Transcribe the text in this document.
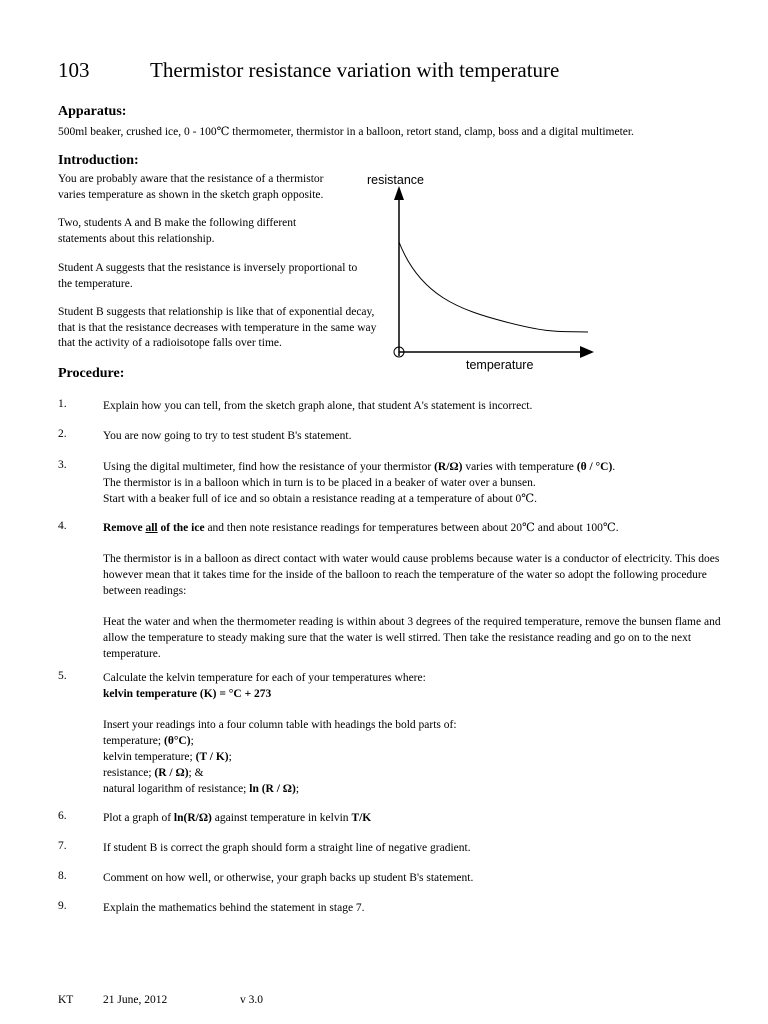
103	Thermistor resistance variation with temperature
Apparatus:
500ml beaker, crushed ice, 0 - 100℃ thermometer, thermistor in a balloon, retort stand, clamp, boss and a digital multimeter.
Introduction:

You are probably aware that the resistance of a thermistor
varies temperature as shown in the sketch graph opposite.

Two, students A and B make the following different
statements about this relationship.

Student A suggests that the resistance is inversely proportional to
the temperature.

Student B suggests that relationship is like that of exponential decay,
that is that the resistance decreases with temperature in the same way
that the activity of a radioisotope falls over time.

resistance
temperature
Procedure:
1.	Explain how you can tell, from the sketch graph alone, that student A's statement is incorrect.

2.	You are now going to try to test student B's statement.

3.	Using the digital multimeter, find how the resistance of your thermistor (R/Ω) varies with temperature (θ / °C).

The thermistor is in a balloon which in turn is to be placed in a beaker of water over a bunsen.

Start with a beaker full of ice and so obtain a resistance reading at a temperature of about 0℃.

4.	Remove all of the ice and then note resistance readings for temperatures between about 20℃ and about 100℃.

The thermistor is in a balloon as direct contact with water would cause problems because water is a conductor of electricity. This does however mean that it takes time for the inside of the balloon to reach the temperature of the water so adopt the following procedure between readings:

Heat the water and when the thermometer reading is within about 3 degrees of the required temperature, remove the bunsen flame and allow the temperature to steady making sure that the water is well stirred. Then take the resistance reading and go on to the next temperature.

5.	Calculate the kelvin temperature for each of your temperatures where:

kelvin temperature (K) = °C + 273

Insert your readings into a four column table with headings the bold parts of:

temperature; (θ°C);

kelvin temperature; (T / K);

resistance; (R / Ω); &

natural logarithm of resistance; ln (R / Ω);

6.	Plot a graph of ln(R/Ω) against temperature in kelvin T/K

7.	If student B is correct the graph should form a straight line of negative gradient.

8.	Comment on how well, or otherwise, your graph backs up student B's statement.

9.	Explain the mathematics behind the statement in stage 7.

KT	21 June, 2012	v 3.0
